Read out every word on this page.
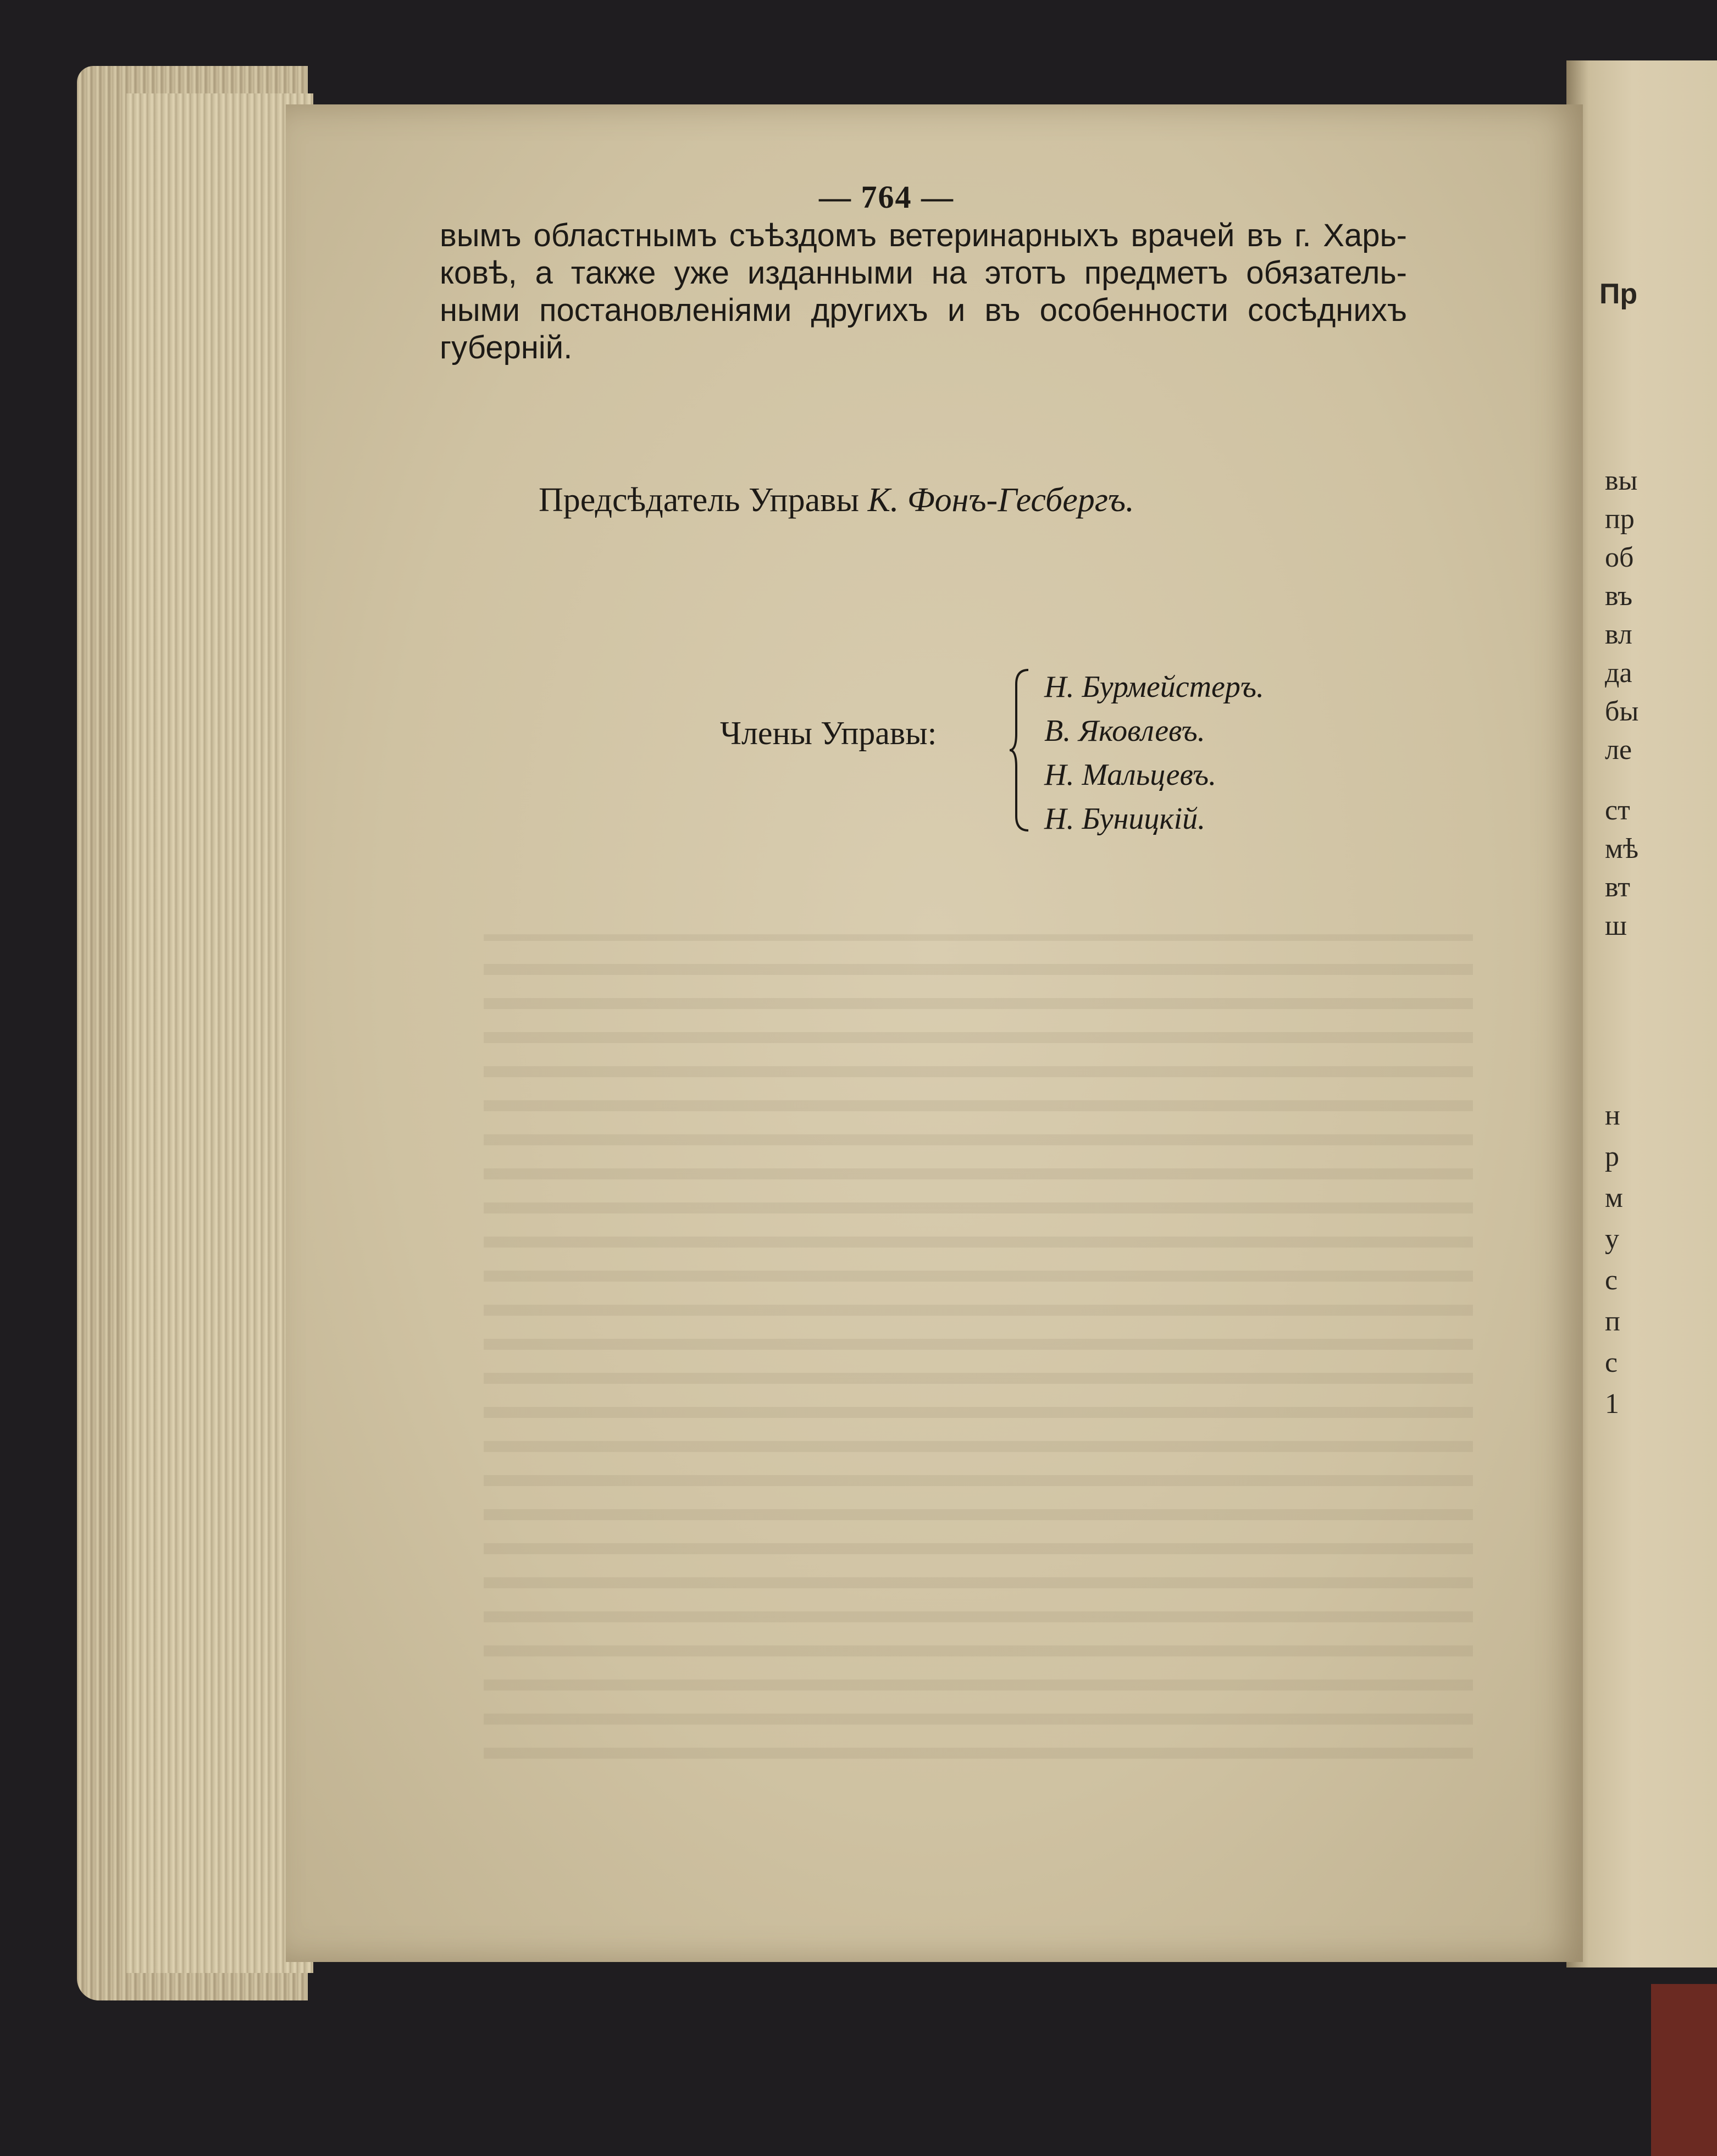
Пр
вы
пр
об
въ
вл
да
бы
ле
ст
мѣ
вт
ш
н
р
м
у
с
п
с
1
— 764 —
вымъ областнымъ съѣздомъ ветеринарныхъ врачей въ г. Харь-
ковѣ, а также уже изданными на этотъ предметъ обязатель-
ными постановленіями другихъ и въ особенности сосѣднихъ
губерній.
Предсѣдатель Управы К. Фонъ-Гесбергъ.
Члены Управы:
Н. Бурмейстеръ.
В. Яковлевъ.
Н. Мальцевъ.
Н. Буницкій.
